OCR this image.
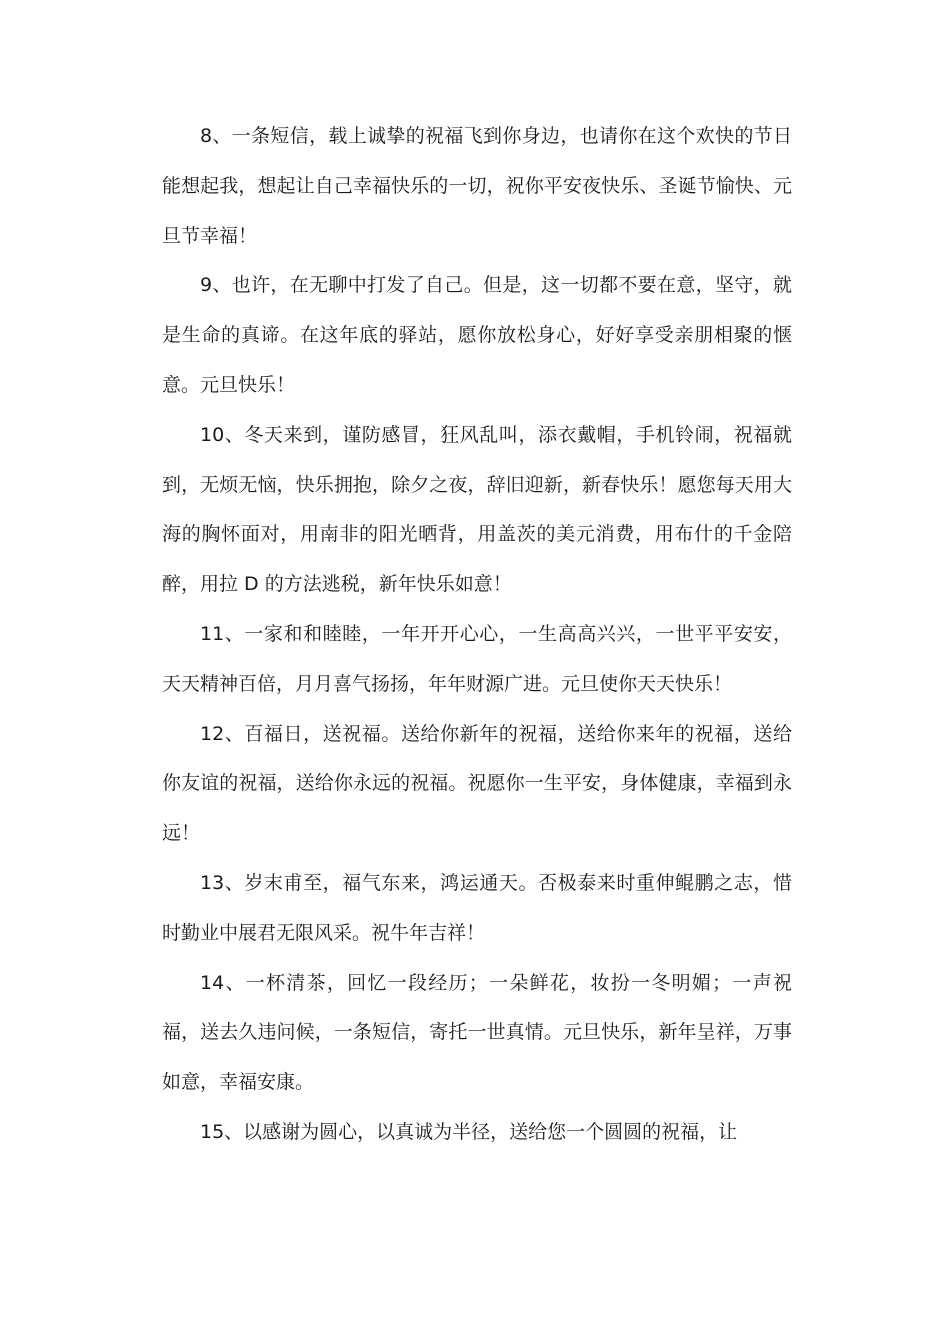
8、一条短信，载上诚挚的祝福飞到你身边，也请你在这个欢快的节日能想起我，想起让自己幸福快乐的一切，祝你平安夜快乐、圣诞节愉快、元旦节幸福！

9、也许，在无聊中打发了自己。但是，这一切都不要在意，坚守，就是生命的真谛。在这年底的驿站，愿你放松身心，好好享受亲朋相聚的惬意。元旦快乐！

10、冬天来到，谨防感冒，狂风乱叫，添衣戴帽，手机铃闹，祝福就到，无烦无恼，快乐拥抱，除夕之夜，辞旧迎新，新春快乐！愿您每天用大海的胸怀面对，用南非的阳光晒背，用盖茨的美元消费，用布什的千金陪醉，用拉 D 的方法逃税，新年快乐如意！

11、一家和和睦睦，一年开开心心，一生高高兴兴，一世平平安安，天天精神百倍，月月喜气扬扬，年年财源广进。元旦使你天天快乐！

12、百福日，送祝福。送给你新年的祝福，送给你来年的祝福，送给你友谊的祝福，送给你永远的祝福。祝愿你一生平安，身体健康，幸福到永远！

13、岁末甫至，福气东来，鸿运通天。否极泰来时重伸鲲鹏之志，惜时勤业中展君无限风采。祝牛年吉祥！

14、一杯清茶，回忆一段经历；一朵鲜花，妆扮一冬明媚；一声祝福，送去久违问候，一条短信，寄托一世真情。元旦快乐，新年呈祥，万事如意，幸福安康。

15、以感谢为圆心，以真诚为半径，送给您一个圆圆的祝福，让
